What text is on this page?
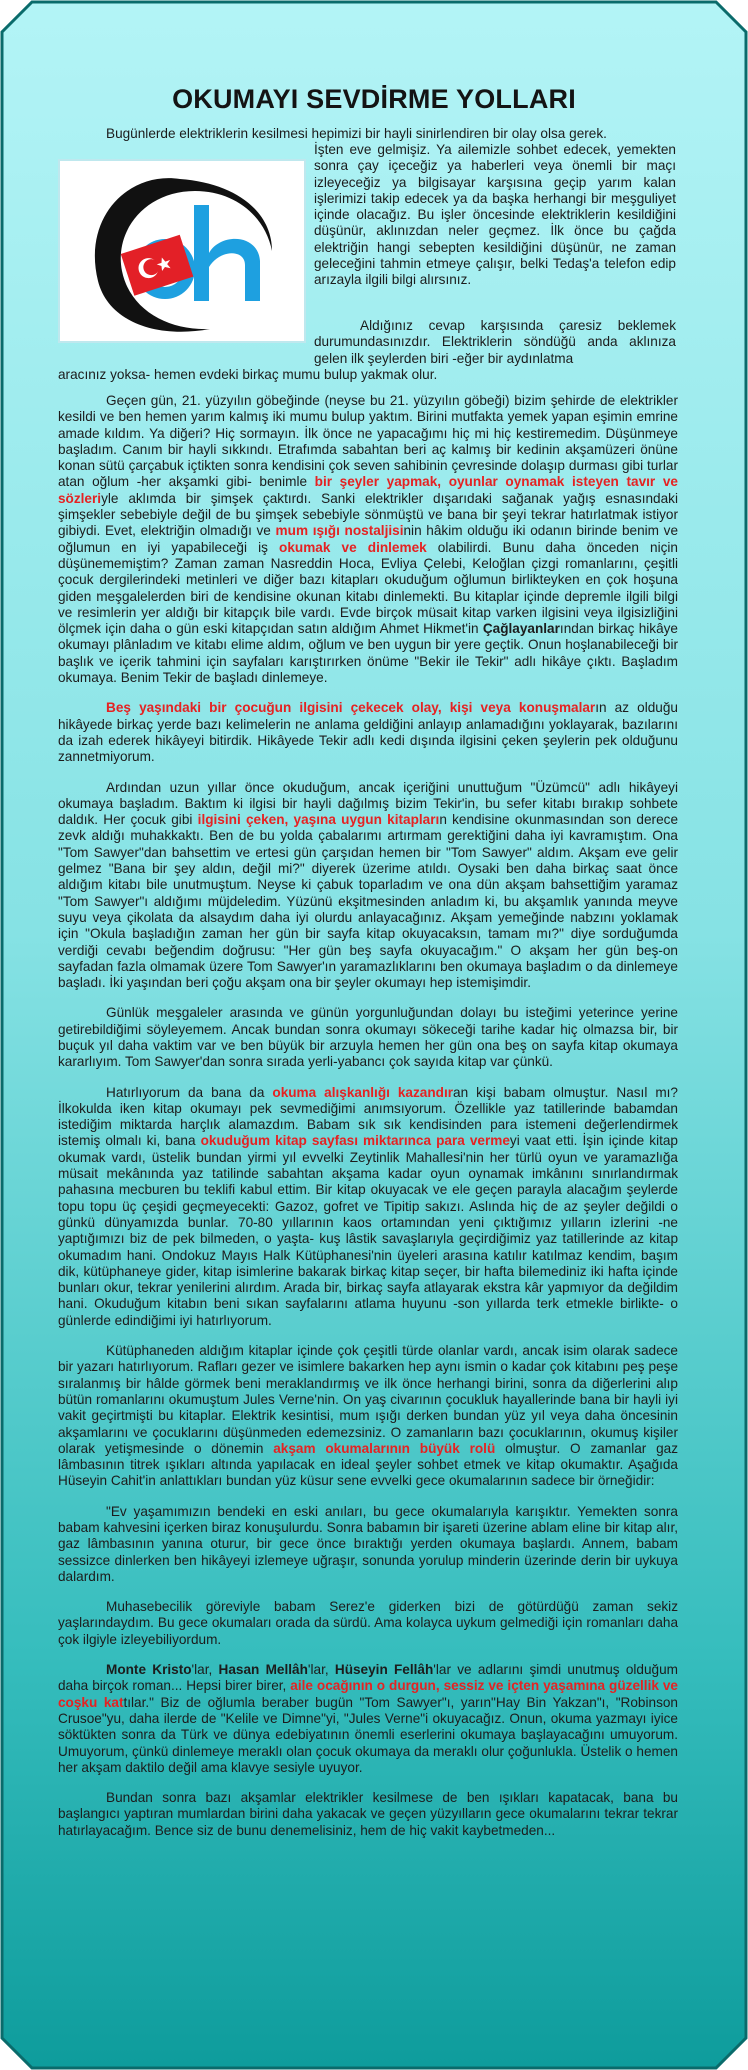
OKUMAYI SEVDİRME YOLLARI
Bugünlerde elektriklerin kesilmesi hepimizi bir hayli sinirlendiren bir olay olsa gerek.
İşten eve gelmişiz. Ya ailemizle sohbet edecek, yemekten sonra çay içeceğiz ya haberleri veya önemli bir maçı izleyeceğiz ya bilgisayar karşısına geçip yarım kalan işlerimizi takip edecek ya da başka herhangi bir meşguliyet içinde olacağız. Bu işler öncesinde elektriklerin kesildiğini düşünür, aklınızdan neler geçmez. İlk önce bu çağda elektriğin hangi sebepten kesildiğini düşünür, ne zaman geleceğini tahmin etmeye çalışır, belki Tedaş'a telefon edip arızayla ilgili bilgi alırsınız.
Aldığınız cevap karşısında çaresiz beklemek durumundasınızdır. Elektriklerin söndüğü anda aklınıza gelen ilk şeylerden biri -eğer bir aydınlatma
aracınız yoksa- hemen evdeki birkaç mumu bulup yakmak olur.

Geçen gün, 21. yüzyılın göbeğinde (neyse bu 21. yüzyılın göbeği) bizim şehirde de elektrikler kesildi ve ben hemen yarım kalmış iki mumu bulup yaktım. Birini mutfakta yemek yapan eşimin emrine amade kıldım. Ya diğeri? Hiç sormayın. İlk önce ne yapacağımı hiç mi hiç kestiremedim. Düşünmeye başladım. Canım bir hayli sıkkındı. Etrafımda sabahtan beri aç kalmış bir kedinin akşamüzeri önüne konan sütü çarçabuk içtikten sonra kendisini çok seven sahibinin çevresinde dolaşıp durması gibi turlar atan oğlum -her akşamki gibi- benimle bir şeyler yapmak, oyunlar oynamak isteyen tavır ve sözleriyle aklımda bir şimşek çaktırdı. Sanki elektrikler dışarıdaki sağanak yağış esnasındaki şimşekler sebebiyle değil de bu şimşek sebebiyle sönmüştü ve bana bir şeyi tekrar hatırlatmak istiyor gibiydi. Evet, elektriğin olmadığı ve mum ışığı nostaljisinin hâkim olduğu iki odanın birinde benim ve oğlumun en iyi yapabileceği iş okumak ve dinlemek olabilirdi. Bunu daha önceden niçin düşünememiştim? Zaman zaman Nasreddin Hoca, Evliya Çelebi, Keloğlan çizgi romanlarını, çeşitli çocuk dergilerindeki metinleri ve diğer bazı kitapları okuduğum oğlumun birlikteyken en çok hoşuna giden meşgalelerden biri de kendisine okunan kitabı dinlemekti. Bu kitaplar içinde depremle ilgili bilgi ve resimlerin yer aldığı bir kitapçık bile vardı. Evde birçok müsait kitap varken ilgisini veya ilgisizliğini ölçmek için daha o gün eski kitapçıdan satın aldığım Ahmet Hikmet'in Çağlayanlarından birkaç hikâye okumayı plânladım ve kitabı elime aldım, oğlum ve ben uygun bir yere geçtik. Onun hoşlanabileceği bir başlık ve içerik tahmini için sayfaları karıştırırken önüme "Bekir ile Tekir" adlı hikâye çıktı. Başladım okumaya. Benim Tekir de başladı dinlemeye.

Beş yaşındaki bir çocuğun ilgisini çekecek olay, kişi veya konuşmaların az olduğu hikâyede birkaç yerde bazı kelimelerin ne anlama geldiğini anlayıp anlamadığını yoklayarak, bazılarını da izah ederek hikâyeyi bitirdik. Hikâyede Tekir adlı kedi dışında ilgisini çeken şeylerin pek olduğunu zannetmiyorum.

Ardından uzun yıllar önce okuduğum, ancak içeriğini unuttuğum "Üzümcü" adlı hikâyeyi okumaya başladım. Baktım ki ilgisi bir hayli dağılmış bizim Tekir'in, bu sefer kitabı bırakıp sohbete daldık. Her çocuk gibi ilgisini çeken, yaşına uygun kitapların kendisine okunmasından son derece zevk aldığı muhakkaktı. Ben de bu yolda çabalarımı artırmam gerektiğini daha iyi kavramıştım. Ona "Tom Sawyer"dan bahsettim ve ertesi gün çarşıdan hemen bir "Tom Sawyer" aldım. Akşam eve gelir gelmez "Bana bir şey aldın, değil mi?" diyerek üzerime atıldı. Oysaki ben daha birkaç saat önce aldığım kitabı bile unutmuştum. Neyse ki çabuk toparladım ve ona dün akşam bahsettiğim yaramaz "Tom Sawyer"ı aldığımı müjdeledim. Yüzünü ekşitmesinden anladım ki, bu akşamlık yanında meyve suyu veya çikolata da alsaydım daha iyi olurdu anlayacağınız. Akşam yemeğinde nabzını yoklamak için "Okula başladığın zaman her gün bir sayfa kitap okuyacaksın, tamam mı?" diye sorduğumda verdiği cevabı beğendim doğrusu: "Her gün beş sayfa okuyacağım." O akşam her gün beş-on sayfadan fazla olmamak üzere Tom Sawyer'ın yaramazlıklarını ben okumaya başladım o da dinlemeye başladı. İki yaşından beri çoğu akşam ona bir şeyler okumayı hep istemişimdir.

Günlük meşgaleler arasında ve günün yorgunluğundan dolayı bu isteğimi yeterince yerine getirebildiğimi söyleyemem. Ancak bundan sonra okumayı sökeceği tarihe kadar hiç olmazsa bir, bir buçuk yıl daha vaktim var ve ben büyük bir arzuyla hemen her gün ona beş on sayfa kitap okumaya kararlıyım. Tom Sawyer'dan sonra sırada yerli-yabancı çok sayıda kitap var çünkü.

Hatırlıyorum da bana da okuma alışkanlığı kazandıran kişi babam olmuştur. Nasıl mı? İlkokulda iken kitap okumayı pek sevmediğimi anımsıyorum. Özellikle yaz tatillerinde babamdan istediğim miktarda harçlık alamazdım. Babam sık sık kendisinden para istemeni değerlendirmek istemiş olmalı ki, bana okuduğum kitap sayfası miktarınca para vermeyi vaat etti. İşin içinde kitap okumak vardı, üstelik bundan yirmi yıl evvelki Zeytinlik Mahallesi'nin her türlü oyun ve yaramazlığa müsait mekânında yaz tatilinde sabahtan akşama kadar oyun oynamak imkânını sınırlandırmak pahasına mecburen bu teklifi kabul ettim. Bir kitap okuyacak ve ele geçen parayla alacağım şeylerde topu topu üç çeşidi geçmeyecekti: Gazoz, gofret ve Tipitip sakızı. Aslında hiç de az şeyler değildi o günkü dünyamızda bunlar. 70-80 yıllarının kaos ortamından yeni çıktığımız yılların izlerini -ne yaptığımızı biz de pek bilmeden, o yaşta- kuş lâstik savaşlarıyla geçirdiğimiz yaz tatillerinde az kitap okumadım hani. Ondokuz Mayıs Halk Kütüphanesi'nin üyeleri arasına katılır katılmaz kendim, başım dik, kütüphaneye gider, kitap isimlerine bakarak birkaç kitap seçer, bir hafta bilemediniz iki hafta içinde bunları okur, tekrar yenilerini alırdım. Arada bir, birkaç sayfa atlayarak ekstra kâr yapmıyor da değildim hani. Okuduğum kitabın beni sıkan sayfalarını atlama huyunu -son yıllarda terk etmekle birlikte- o günlerde edindiğimi iyi hatırlıyorum.

Kütüphaneden aldığım kitaplar içinde çok çeşitli türde olanlar vardı, ancak isim olarak sadece bir yazarı hatırlıyorum. Rafları gezer ve isimlere bakarken hep aynı ismin o kadar çok kitabını peş peşe sıralanmış bir hâlde görmek beni meraklandırmış ve ilk önce herhangi birini, sonra da diğerlerini alıp bütün romanlarını okumuştum Jules Verne'nin. On yaş civarının çocukluk hayallerinde bana bir hayli iyi vakit geçirtmişti bu kitaplar. Elektrik kesintisi, mum ışığı derken bundan yüz yıl veya daha öncesinin akşamlarını ve çocuklarını düşünmeden edemezsiniz. O zamanların bazı çocuklarının, okumuş kişiler olarak yetişmesinde o dönemin akşam okumalarının büyük rolü olmuştur. O zamanlar gaz lâmbasının titrek ışıkları altında yapılacak en ideal şeyler sohbet etmek ve kitap okumaktır. Aşağıda Hüseyin Cahit'in anlattıkları bundan yüz küsur sene evvelki gece okumalarının sadece bir örneğidir:

"Ev yaşamımızın bendeki en eski anıları, bu gece okumalarıyla karışıktır. Yemekten sonra babam kahvesini içerken biraz konuşulurdu. Sonra babamın bir işareti üzerine ablam eline bir kitap alır, gaz lâmbasının yanına oturur, bir gece önce bıraktığı yerden okumaya başlardı. Annem, babam sessizce dinlerken ben hikâyeyi izlemeye uğraşır, sonunda yorulup minderin üzerinde derin bir uykuya dalardım.

Muhasebecilik göreviyle babam Serez'e giderken bizi de götürdüğü zaman sekiz yaşlarındaydım. Bu gece okumaları orada da sürdü. Ama kolayca uykum gelmediği için romanları daha çok ilgiyle izleyebiliyordum.

Monte Kristo'lar, Hasan Mellâh'lar, Hüseyin Fellâh'lar ve adlarını şimdi unutmuş olduğum daha birçok roman... Hepsi birer birer, aile ocağının o durgun, sessiz ve içten yaşamına güzellik ve coşku kattılar." Biz de oğlumla beraber bugün "Tom Sawyer"ı, yarın"Hay Bin Yakzan"ı, "Robinson Crusoe"yu, daha ilerde de "Kelile ve Dimne"yi, "Jules Verne"i okuyacağız. Onun, okuma yazmayı iyice söktükten sonra da Türk ve dünya edebiyatının önemli eserlerini okumaya başlayacağını umuyorum. Umuyorum, çünkü dinlemeye meraklı olan çocuk okumaya da meraklı olur çoğunlukla. Üstelik o hemen her akşam daktilo değil ama klavye sesiyle uyuyor.

Bundan sonra bazı akşamlar elektrikler kesilmese de ben ışıkları kapatacak, bana bu başlangıcı yaptıran mumlardan birini daha yakacak ve geçen yüzyılların gece okumalarını tekrar tekrar hatırlayacağım. Bence siz de bunu denemelisiniz, hem de hiç vakit kaybetmeden...
